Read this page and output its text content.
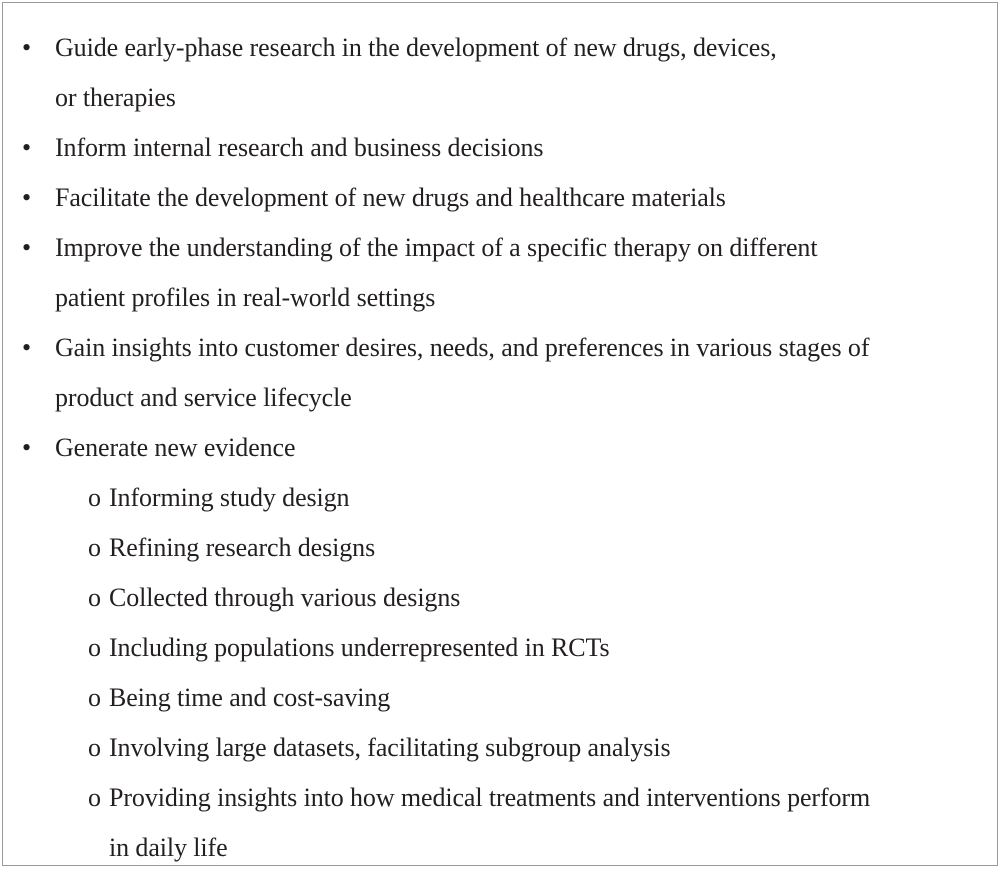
• Guide early-phase research in the development of new drugs, devices,
or therapies
• Inform internal research and business decisions
• Facilitate the development of new drugs and healthcare materials
• Improve the understanding of the impact of a specific therapy on different
patient profiles in real-world settings
• Gain insights into customer desires, needs, and preferences in various stages of
product and service lifecycle
• Generate new evidence
o Informing study design
o Refining research designs
o Collected through various designs
o Including populations underrepresented in RCTs
o Being time and cost-saving
o Involving large datasets, facilitating subgroup analysis
o Providing insights into how medical treatments and interventions perform
in daily life
